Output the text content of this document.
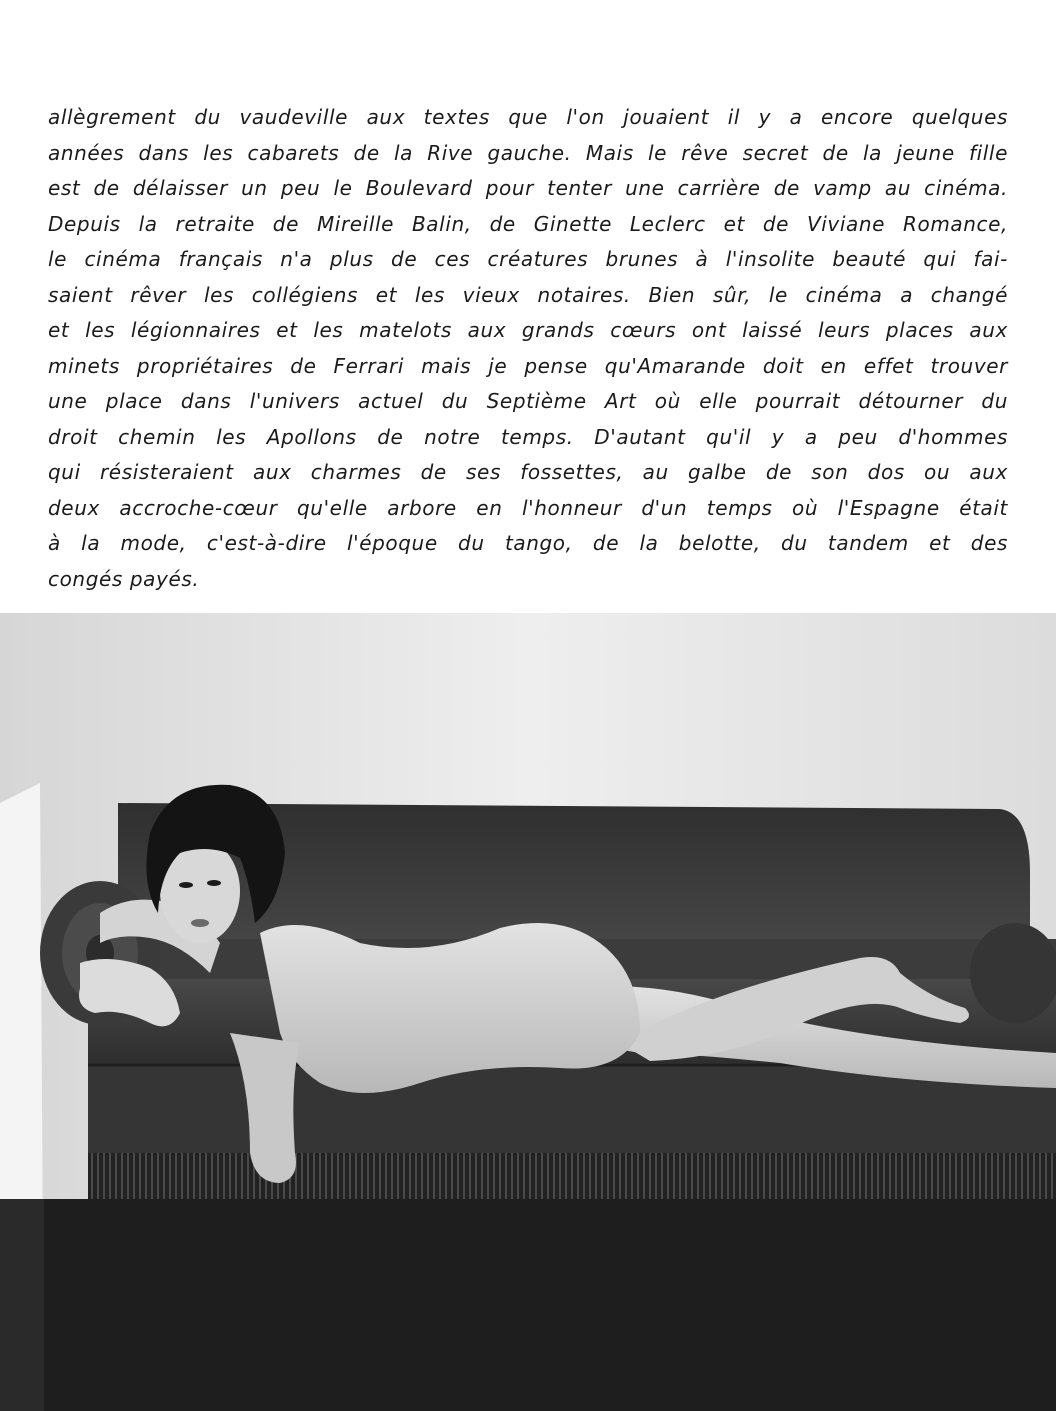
allègrement du vaudeville aux textes que l'on jouaient il y a encore quelques
années dans les cabarets de la Rive gauche. Mais le rêve secret de la jeune fille
est de délaisser un peu le Boulevard pour tenter une carrière de vamp au cinéma.
Depuis la retraite de Mireille Balin, de Ginette Leclerc et de Viviane Romance,
le cinéma français n'a plus de ces créatures brunes à l'insolite beauté qui fai-
saient rêver les collégiens et les vieux notaires. Bien sûr, le cinéma a changé
et les légionnaires et les matelots aux grands cœurs ont laissé leurs places aux
minets propriétaires de Ferrari mais je pense qu'Amarande doit en effet trouver
une place dans l'univers actuel du Septième Art où elle pourrait détourner du
droit chemin les Apollons de notre temps. D'autant qu'il y a peu d'hommes
qui résisteraient aux charmes de ses fossettes, au galbe de son dos ou aux
deux accroche-cœur qu'elle arbore en l'honneur d'un temps où l'Espagne était
à la mode, c'est-à-dire l'époque du tango, de la belotte, du tandem et des
congés payés.
